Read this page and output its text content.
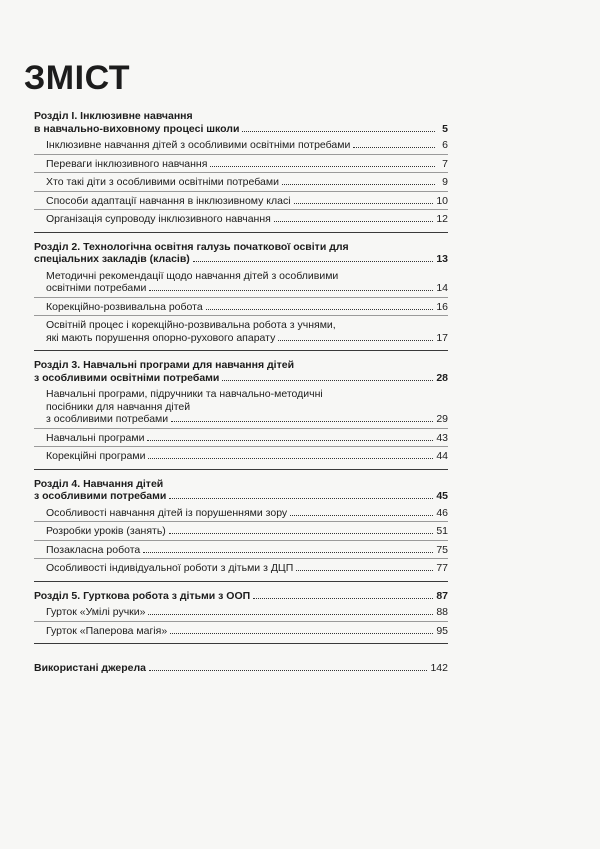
ЗМІСТ
Розділ І. Інклюзивне навчання
в навчально-виховному процесі школи	5
Інклюзивне навчання дітей з особливими освітніми потребами	6
Переваги інклюзивного навчання	7
Хто такі діти з особливими освітніми потребами	9
Способи адаптації навчання в інклюзивному класі	10
Організація супроводу інклюзивного навчання	12
Розділ 2. Технологічна освітня галузь початкової освіти для
спеціальних закладів (класів)	13
Методичні рекомендації щодо навчання дітей з особливими
освітніми потребами	14
Корекційно-розвивальна робота	16
Освітній процес і корекційно-розвивальна робота з учнями,
які мають порушення опорно-рухового апарату	17
Розділ 3. Навчальні програми для навчання дітей
з особливими освітніми потребами	28
Навчальні програми, підручники та навчально-методичні
посібники для навчання дітей
з особливими потребами	29
Навчальні програми	43
Корекційні програми	44
Розділ 4. Навчання дітей
з особливими потребами	45
Особливості навчання дітей із порушеннями зору	46
Розробки уроків (занять)	51
Позакласна робота	75
Особливості індивідуальної роботи з дітьми з ДЦП	77
Розділ 5. Гурткова робота з дітьми з ООП	87
Гурток «Умілі ручки»	88
Гурток «Паперова магія»	95
Використані джерела	142
